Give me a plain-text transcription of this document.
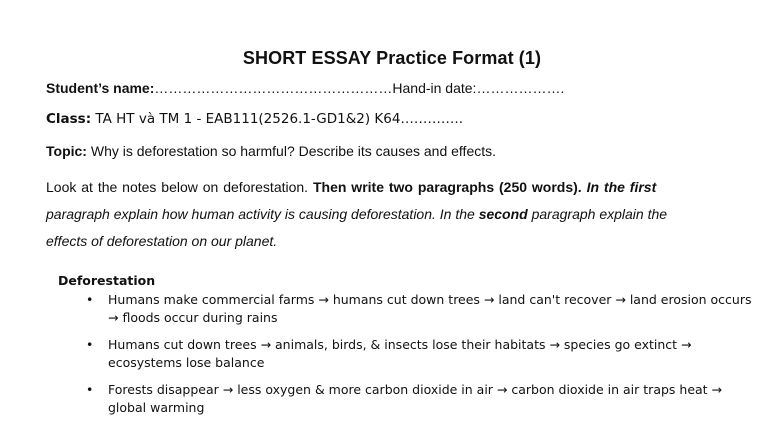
SHORT ESSAY Practice Format (1)
Student’s name:……………………………………………Hand-in date:……………….
Class: TA HT và TM 1 - EAB111(2526.1-GD1&2) K64…………..
Topic: Why is deforestation so harmful? Describe its causes and effects.
Look at the notes below on deforestation. Then write two paragraphs (250 words). In the first
paragraph explain how human activity is causing deforestation. In the second paragraph explain the
effects of deforestation on our planet.
Deforestation
• Humans make commercial farms → humans cut down trees → land can't recover → land erosion occurs → floods occur during rains
• Humans cut down trees → animals, birds, & insects lose their habitats → species go extinct → ecosystems lose balance
• Forests disappear → less oxygen & more carbon dioxide in air → carbon dioxide in air traps heat → global warming
